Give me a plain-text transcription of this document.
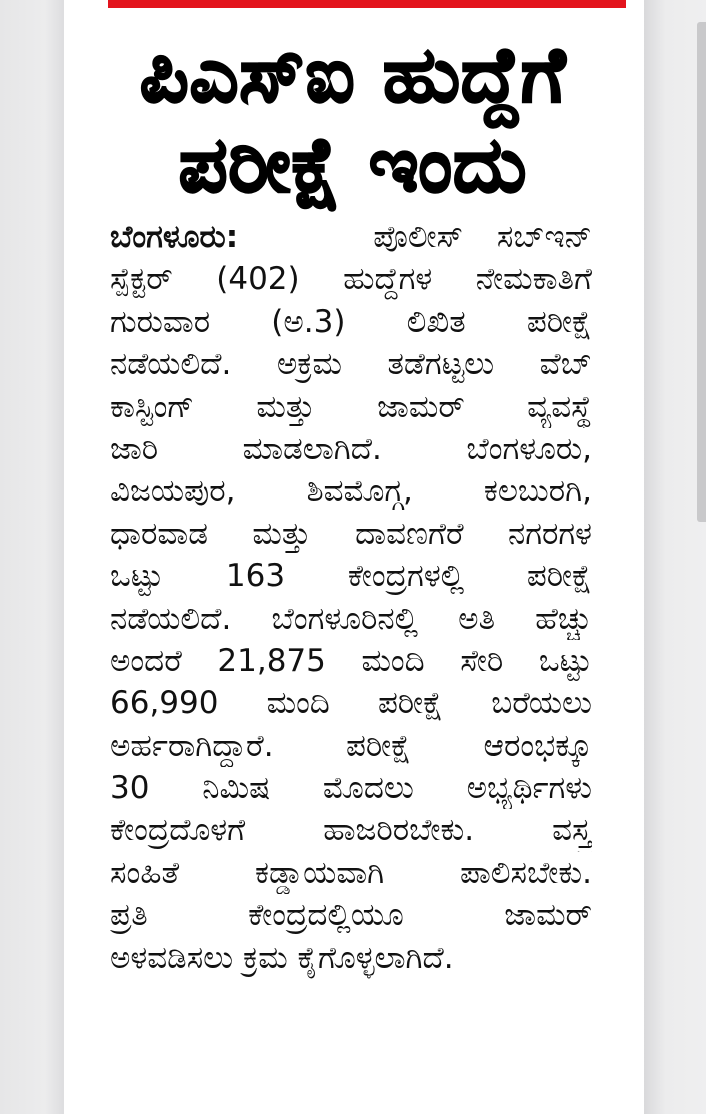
ಪಿಎಸ್ಐ ಹುದ್ದೆಗೆ
ಪರೀಕ್ಷೆ ಇಂದು
ಬೆಂಗಳೂರು:	ಪೊಲೀಸ್ ಸಬ್‌ಇನ್
ಸ್ಪೆಕ್ಟರ್ (402) ಹುದ್ದೆಗಳ ನೇಮಕಾತಿಗೆ
ಗುರುವಾರ (ಅ.3) ಲಿಖಿತ ಪರೀಕ್ಷೆ
ನಡೆಯಲಿದೆ. ಅಕ್ರಮ ತಡೆಗಟ್ಟಲು ವೆಬ್
ಕಾಸ್ಟಿಂಗ್ ಮತ್ತು ಜಾಮರ್ ವ್ಯವಸ್ಥೆ
ಜಾರಿ ಮಾಡಲಾಗಿದೆ. ಬೆಂಗಳೂರು,
ವಿಜಯಪುರ, ಶಿವಮೊಗ್ಗ, ಕಲಬುರಗಿ,
ಧಾರವಾಡ ಮತ್ತು ದಾವಣಗೆರೆ ನಗರಗಳ
ಒಟ್ಟು 163 ಕೇಂದ್ರಗಳಲ್ಲಿ ಪರೀಕ್ಷೆ
ನಡೆಯಲಿದೆ. ಬೆಂಗಳೂರಿನಲ್ಲಿ ಅತಿ ಹೆಚ್ಚು
ಅಂದರೆ 21,875 ಮಂದಿ ಸೇರಿ ಒಟ್ಟು
66,990 ಮಂದಿ ಪರೀಕ್ಷೆ ಬರೆಯಲು
ಅರ್ಹರಾಗಿದ್ದಾರೆ. ಪರೀಕ್ಷೆ ಆರಂಭಕ್ಕೂ
30 ನಿಮಿಷ ಮೊದಲು ಅಭ್ಯರ್ಥಿಗಳು
ಕೇಂದ್ರದೊಳಗೆ ಹಾಜರಿರಬೇಕು. ವಸ್ತ್ರ
ಸಂಹಿತೆ ಕಡ್ಡಾಯವಾಗಿ ಪಾಲಿಸಬೇಕು.
ಪ್ರತಿ ಕೇಂದ್ರದಲ್ಲಿಯೂ ಜಾಮರ್
ಅಳವಡಿಸಲು ಕ್ರಮ ಕೈಗೊಳ್ಳಲಾಗಿದೆ.
